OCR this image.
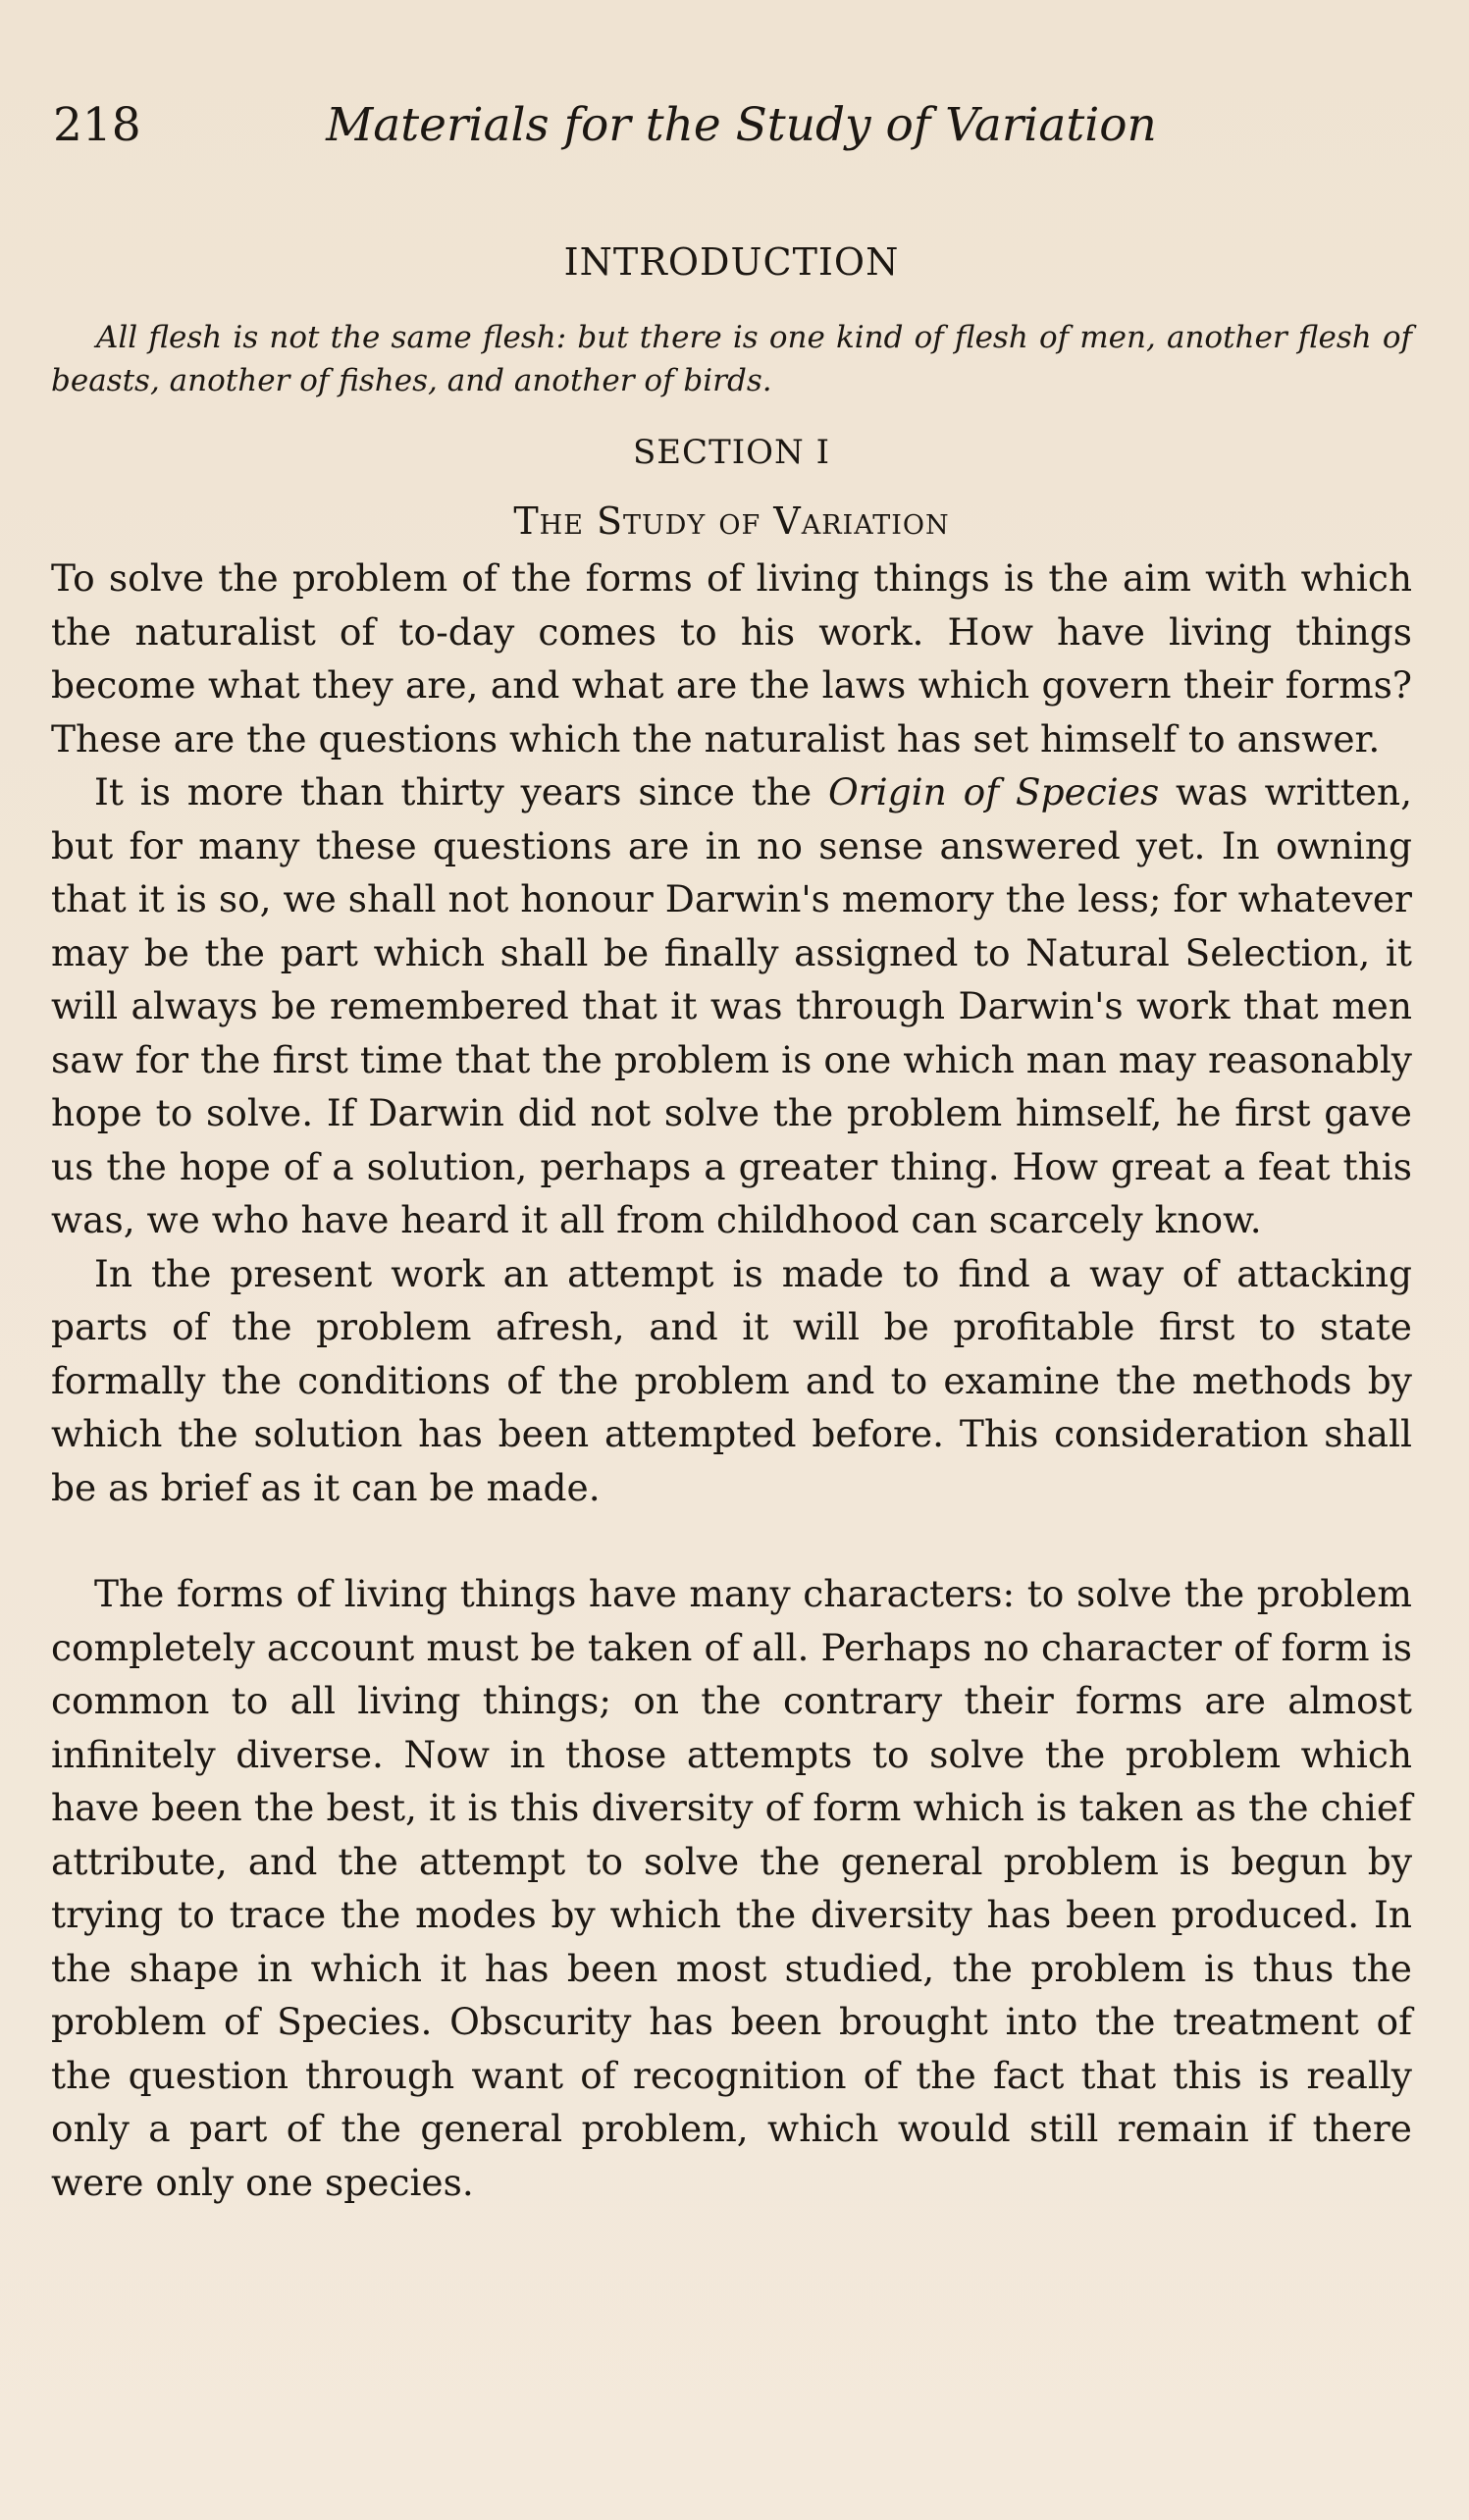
218	Materials for the Study of Variation
INTRODUCTION
All flesh is not the same flesh: but there is one kind of flesh of men, another flesh of beasts, another of fishes, and another of birds.
SECTION I
The Study of Variation

To solve the problem of the forms of living things is the aim with which the naturalist of to-day comes to his work. How have living things become what they are, and what are the laws which govern their forms? These are the questions which the naturalist has set himself to answer.

It is more than thirty years since the Origin of Species was written, but for many these questions are in no sense answered yet. In owning that it is so, we shall not honour Darwin's memory the less; for whatever may be the part which shall be finally assigned to Natural Selection, it will always be remembered that it was through Darwin's work that men saw for the first time that the problem is one which man may reasonably hope to solve. If Darwin did not solve the problem himself, he first gave us the hope of a solution, perhaps a greater thing. How great a feat this was, we who have heard it all from childhood can scarcely know.

In the present work an attempt is made to find a way of attacking parts of the problem afresh, and it will be profitable first to state formally the conditions of the problem and to examine the methods by which the solution has been attempted before. This consideration shall be as brief as it can be made.

The forms of living things have many characters: to solve the problem completely account must be taken of all. Perhaps no character of form is common to all living things; on the contrary their forms are almost infinitely diverse. Now in those attempts to solve the problem which have been the best, it is this diversity of form which is taken as the chief attribute, and the attempt to solve the general problem is begun by trying to trace the modes by which the diversity has been produced. In the shape in which it has been most studied, the problem is thus the problem of Species. Obscurity has been brought into the treatment of the question through want of recognition of the fact that this is really only a part of the general problem, which would still remain if there were only one species.
